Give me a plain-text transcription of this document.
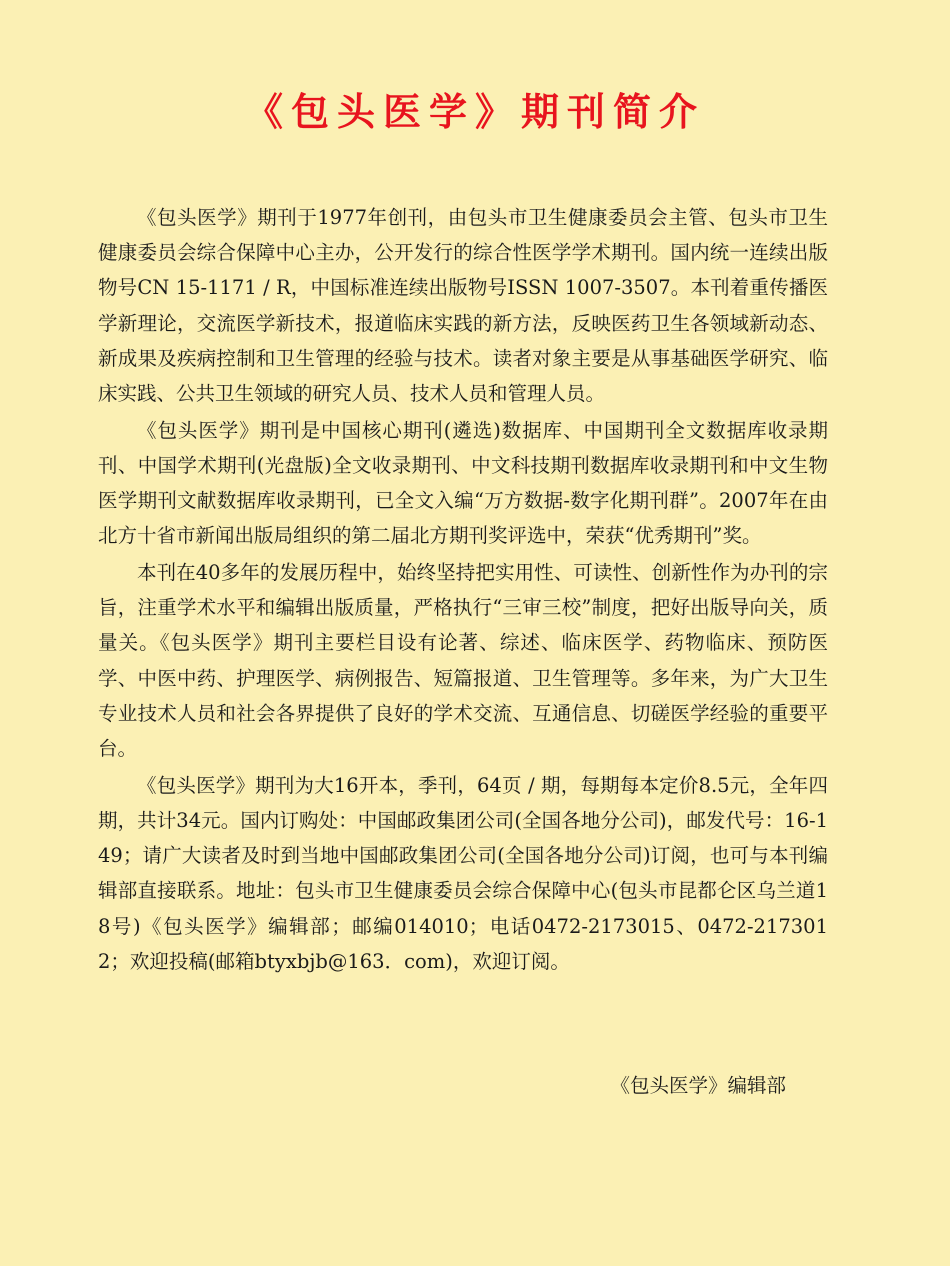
《包头医学》期刊简介

《包头医学》期刊于1977年创刊，由包头市卫生健康委员会主管、包头市卫生健康委员会综合保障中心主办，公开发行的综合性医学学术期刊。国内统一连续出版物号CN 15-1171 / R，中国标准连续出版物号ISSN 1007-3507。本刊着重传播医学新理论，交流医学新技术，报道临床实践的新方法，反映医药卫生各领域新动态、新成果及疾病控制和卫生管理的经验与技术。读者对象主要是从事基础医学研究、临床实践、公共卫生领域的研究人员、技术人员和管理人员。

《包头医学》期刊是中国核心期刊(遴选)数据库、中国期刊全文数据库收录期刊、中国学术期刊(光盘版)全文收录期刊、中文科技期刊数据库收录期刊和中文生物医学期刊文献数据库收录期刊，已全文入编“万方数据-数字化期刊群”。2007年在由北方十省市新闻出版局组织的第二届北方期刊奖评选中，荣获“优秀期刊”奖。

本刊在40多年的发展历程中，始终坚持把实用性、可读性、创新性作为办刊的宗旨，注重学术水平和编辑出版质量，严格执行“三审三校”制度，把好出版导向关，质量关。《包头医学》期刊主要栏目设有论著、综述、临床医学、药物临床、预防医学、中医中药、护理医学、病例报告、短篇报道、卫生管理等。多年来，为广大卫生专业技术人员和社会各界提供了良好的学术交流、互通信息、切磋医学经验的重要平台。

《包头医学》期刊为大16开本，季刊，64页 / 期，每期每本定价8.5元，全年四期，共计34元。国内订购处：中国邮政集团公司(全国各地分公司)，邮发代号：16-149；请广大读者及时到当地中国邮政集团公司(全国各地分公司)订阅，也可与本刊编辑部直接联系。地址：包头市卫生健康委员会综合保障中心(包头市昆都仑区乌兰道18号)《包头医学》编辑部；邮编014010；电话0472-2173015、0472-2173012；欢迎投稿(邮箱btyxbjb@163．com)，欢迎订阅。

《包头医学》编辑部
